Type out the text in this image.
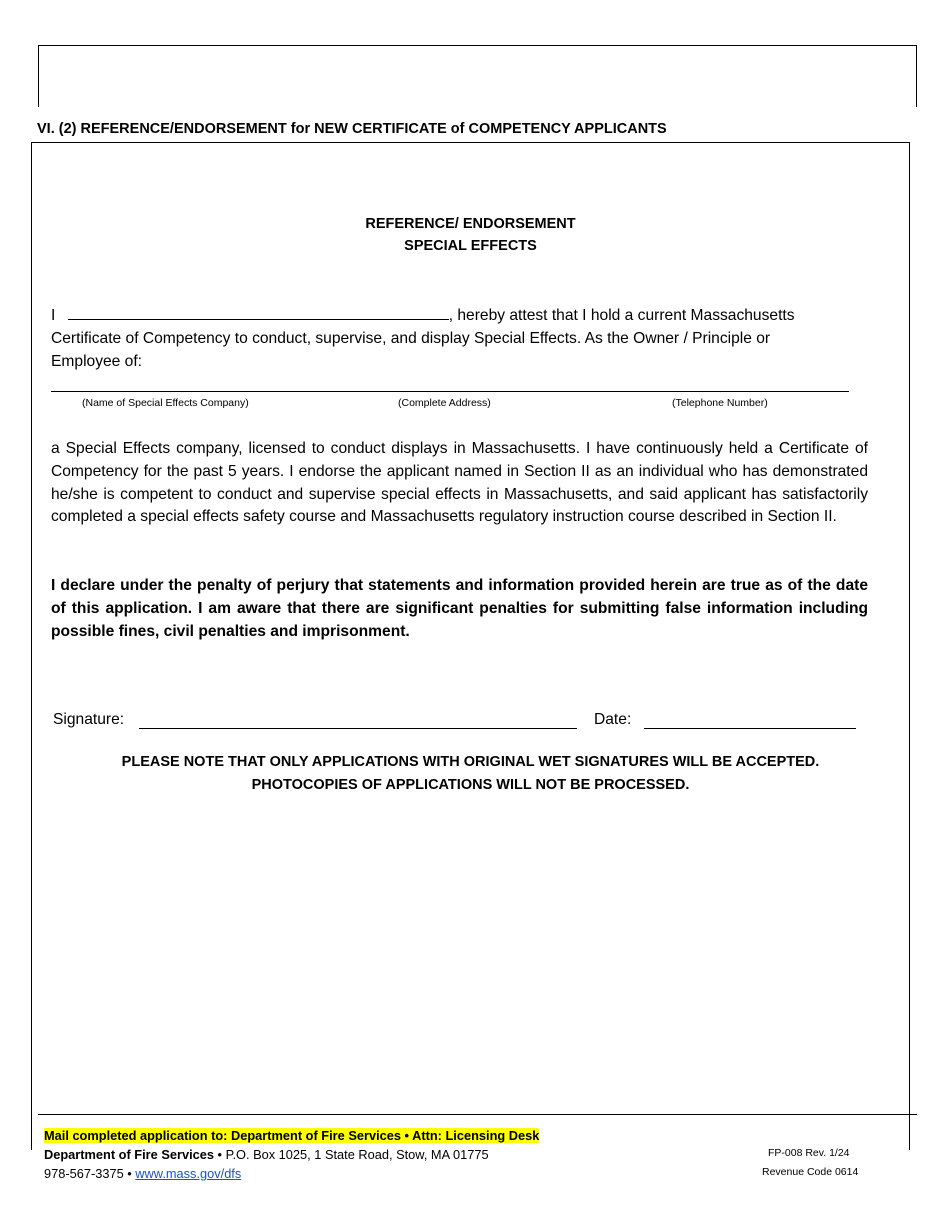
VI. (2) REFERENCE/ENDORSEMENT for NEW CERTIFICATE of COMPETENCY APPLICANTS
REFERENCE/ ENDORSEMENT
SPECIAL EFFECTS
I	, hereby attest that I hold a current Massachusetts
Certificate of Competency to conduct, supervise, and display Special Effects. As the Owner / Principle or
Employee of:
(Name of Special Effects Company)	(Complete Address)	(Telephone Number)
a Special Effects company, licensed to conduct displays in Massachusetts. I have continuously held a Certificate of Competency for the past 5 years. I endorse the applicant named in Section II as an individual who has demonstrated he/she is competent to conduct and supervise special effects in Massachusetts, and said applicant has satisfactorily completed a special effects safety course and Massachusetts regulatory instruction course described in Section II.
I declare under the penalty of perjury that statements and information provided herein are true as of the date of this application. I am aware that there are significant penalties for submitting false information including possible fines, civil penalties and imprisonment.
Signature:	Date:
PLEASE NOTE THAT ONLY APPLICATIONS WITH ORIGINAL WET SIGNATURES WILL BE ACCEPTED.
PHOTOCOPIES OF APPLICATIONS WILL NOT BE PROCESSED.
Mail completed application to: Department of Fire Services • Attn: Licensing Desk
Department of Fire Services • P.O. Box 1025, 1 State Road, Stow, MA 01775
978-567-3375 • www.mass.gov/dfs
FP-008 Rev. 1/24
Revenue Code 0614
